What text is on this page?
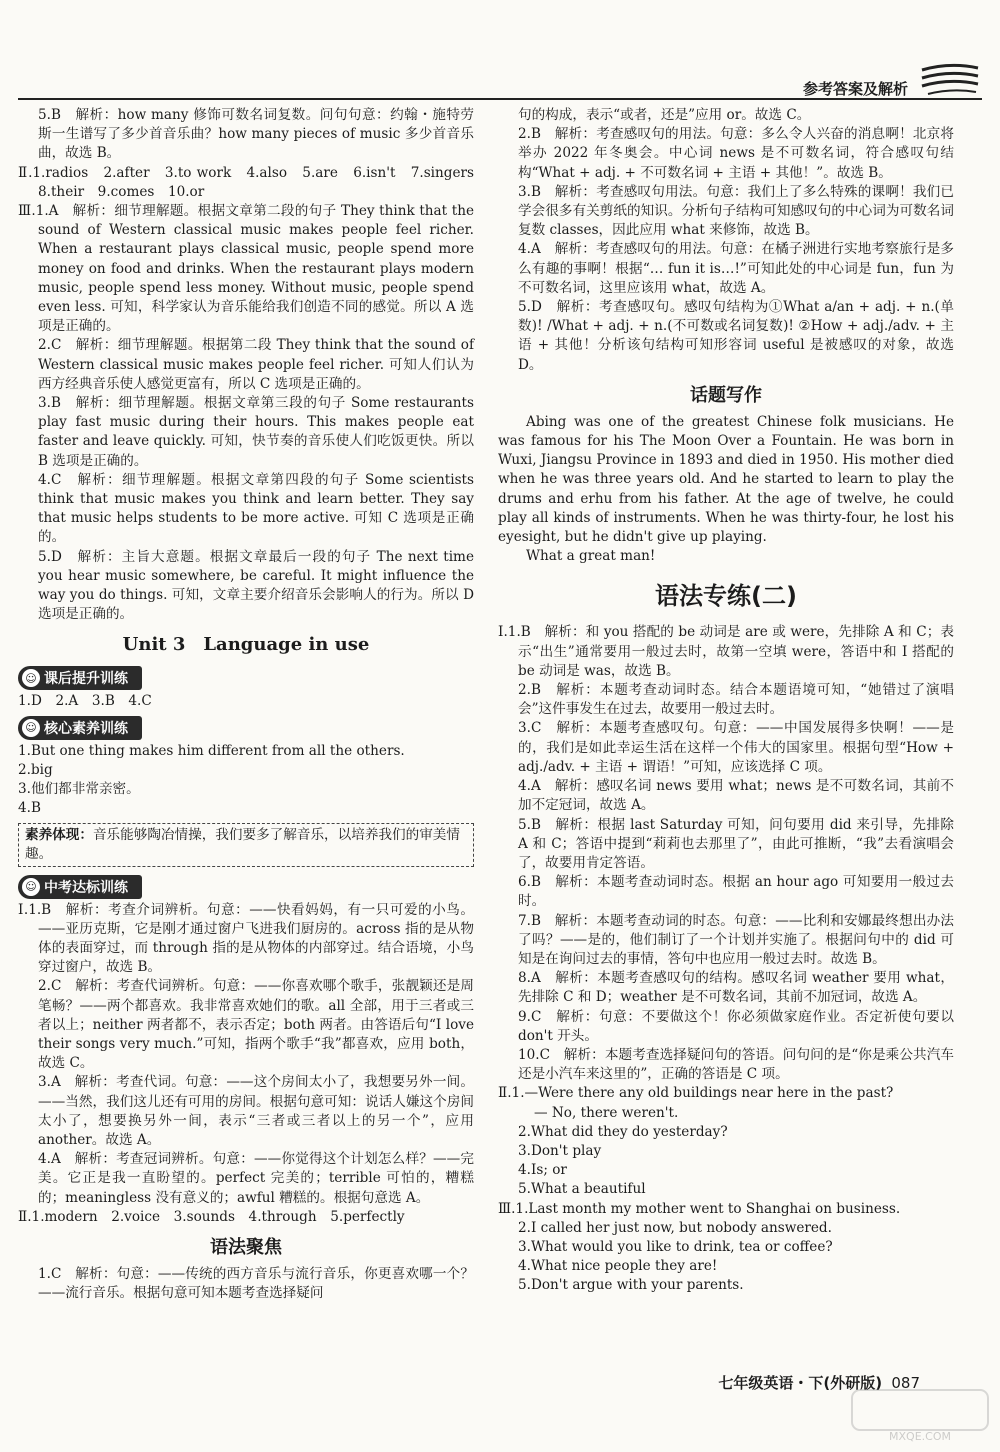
参考答案及解析

5.B　解析：how many 修饰可数名词复数。问句句意：约翰・施特劳斯一生谱写了多少首音乐曲？how many pieces of music 多少首音乐曲，故选 B。

Ⅱ.1.radios　2.after　3.to work　4.also　5.are　6.isn't　7.singers　8.their　9.comes　10.or

Ⅲ.1.A　解析：细节理解题。根据文章第二段的句子 They think that the sound of Western classical music makes people feel richer. When a restaurant plays classical music, people spend more money on food and drinks. When the restaurant plays modern music, people spend less money. Without music, people spend even less. 可知，科学家认为音乐能给我们创造不同的感觉。所以 A 选项是正确的。

2.C　解析：细节理解题。根据第二段 They think that the sound of Western classical music makes people feel richer. 可知人们认为西方经典音乐使人感觉更富有，所以 C 选项是正确的。

3.B　解析：细节理解题。根据文章第三段的句子 Some restaurants play fast music during their hours. This makes people eat faster and leave quickly. 可知，快节奏的音乐使人们吃饭更快。所以 B 选项是正确的。

4.C　解析：细节理解题。根据文章第四段的句子 Some scientists think that music makes you think and learn better. They say that music helps students to be more active. 可知 C 选项是正确的。

5.D　解析：主旨大意题。根据文章最后一段的句子 The next time you hear music somewhere, be careful. It might influence the way you do things. 可知，文章主要介绍音乐会影响人的行为。所以 D 选项是正确的。

Unit 3　Language in use
☺ 课后提升训练

1.D　2.A　3.B　4.C

☺ 核心素养训练

1.But one thing makes him different from all the others.

2.big

3.他们都非常亲密。

4.B

素养体现：音乐能够陶冶情操，我们要多了解音乐，以培养我们的审美情趣。
☺ 中考达标训练

Ⅰ.1.B　解析：考查介词辨析。句意：——快看妈妈，有一只可爱的小鸟。——亚历克斯，它是刚才通过窗户飞进我们厨房的。across 指的是从物体的表面穿过，而 through 指的是从物体的内部穿过。结合语境，小鸟穿过窗户，故选 B。

2.C　解析：考查代词辨析。句意：——你喜欢哪个歌手，张靓颖还是周笔畅？——两个都喜欢。我非常喜欢她们的歌。all 全部，用于三者或三者以上；neither 两者都不，表示否定；both 两者。由答语后句“I love their songs very much.”可知，指两个歌手“我”都喜欢，应用 both，故选 C。

3.A　解析：考查代词。句意：——这个房间太小了，我想要另外一间。——当然，我们这儿还有可用的房间。根据句意可知：说话人嫌这个房间太小了，想要换另外一间，表示“三者或三者以上的另一个”，应用 another。故选 A。

4.A　解析：考查冠词辨析。句意：——你觉得这个计划怎么样？——完美。它正是我一直盼望的。perfect 完美的；terrible 可怕的，糟糕的；meaningless 没有意义的；awful 糟糕的。根据句意选 A。

Ⅱ.1.modern　2.voice　3.sounds　4.through　5.perfectly

语法聚焦

1.C　解析：句意：——传统的西方音乐与流行音乐，你更喜欢哪一个？——流行音乐。根据句意可知本题考查选择疑问

句的构成，表示“或者，还是”应用 or。故选 C。

2.B　解析：考查感叹句的用法。句意：多么令人兴奋的消息啊！北京将举办 2022 年冬奥会。中心词 news 是不可数名词，符合感叹句结构“What + adj. + 不可数名词 + 主语 + 其他！”。故选 B。

3.B　解析：考查感叹句用法。句意：我们上了多么特殊的课啊！我们已学会很多有关剪纸的知识。分析句子结构可知感叹句的中心词为可数名词复数 classes，因此应用 what 来修饰，故选 B。

4.A　解析：考查感叹句的用法。句意：在橘子洲进行实地考察旅行是多么有趣的事啊！根据“… fun it is…!”可知此处的中心词是 fun，fun 为不可数名词，这里应该用 what，故选 A。

5.D　解析：考查感叹句。感叹句结构为①What a/an + adj. + n.(单数)! /What + adj. + n.(不可数或名词复数)! ②How + adj./adv. + 主语 + 其他！分析该句结构可知形容词 useful 是被感叹的对象，故选 D。

话题写作

Abing was one of the greatest Chinese folk musicians. He was famous for his The Moon Over a Fountain. He was born in Wuxi, Jiangsu Province in 1893 and died in 1950. His mother died when he was three years old. And he started to learn to play the drums and erhu from his father. At the age of twelve, he could play all kinds of instruments. When he was thirty-four, he lost his eyesight, but he didn't give up playing.

What a great man!

语法专练(二)

Ⅰ.1.B　解析：和 you 搭配的 be 动词是 are 或 were，先排除 A 和 C；表示“出生”通常要用一般过去时，故第一空填 were，答语中和 I 搭配的 be 动词是 was，故选 B。

2.B　解析：本题考查动词时态。结合本题语境可知，“她错过了演唱会”这件事发生在过去，故要用一般过去时。

3.C　解析：本题考查感叹句。句意：——中国发展得多快啊！——是的，我们是如此幸运生活在这样一个伟大的国家里。根据句型“How + adj./adv. + 主语 + 谓语！”可知，应该选择 C 项。

4.A　解析：感叹名词 news 要用 what；news 是不可数名词，其前不加不定冠词，故选 A。

5.B　解析：根据 last Saturday 可知，问句要用 did 来引导，先排除 A 和 C；答语中提到“莉莉也去那里了”，由此可推断，“我”去看演唱会了，故要用肯定答语。

6.B　解析：本题考查动词时态。根据 an hour ago 可知要用一般过去时。

7.B　解析：本题考查动词的时态。句意：——比利和安娜最终想出办法了吗？——是的，他们制订了一个计划并实施了。根据问句中的 did 可知是在询问过去的事情，答句中也应用一般过去时。故选 B。

8.A　解析：本题考查感叹句的结构。感叹名词 weather 要用 what，先排除 C 和 D；weather 是不可数名词，其前不加冠词，故选 A。

9.C　解析：句意：不要做这个！你必须做家庭作业。否定祈使句要以 don't 开头。

10.C　解析：本题考查选择疑问句的答语。问句问的是“你是乘公共汽车还是小汽车来这里的”，正确的答语是 C 项。

Ⅱ.1.—Were there any old buildings near here in the past?

— No, there weren't.

2.What did they do yesterday?

3.Don't play

4.Is; or

5.What a beautiful

Ⅲ.1.Last month my mother went to Shanghai on business.

2.I called her just now, but nobody answered.

3.What would you like to drink, tea or coffee?

4.What nice people they are!

5.Don't argue with your parents.

七年级英语・下(外研版) 087
MXQE.COM
